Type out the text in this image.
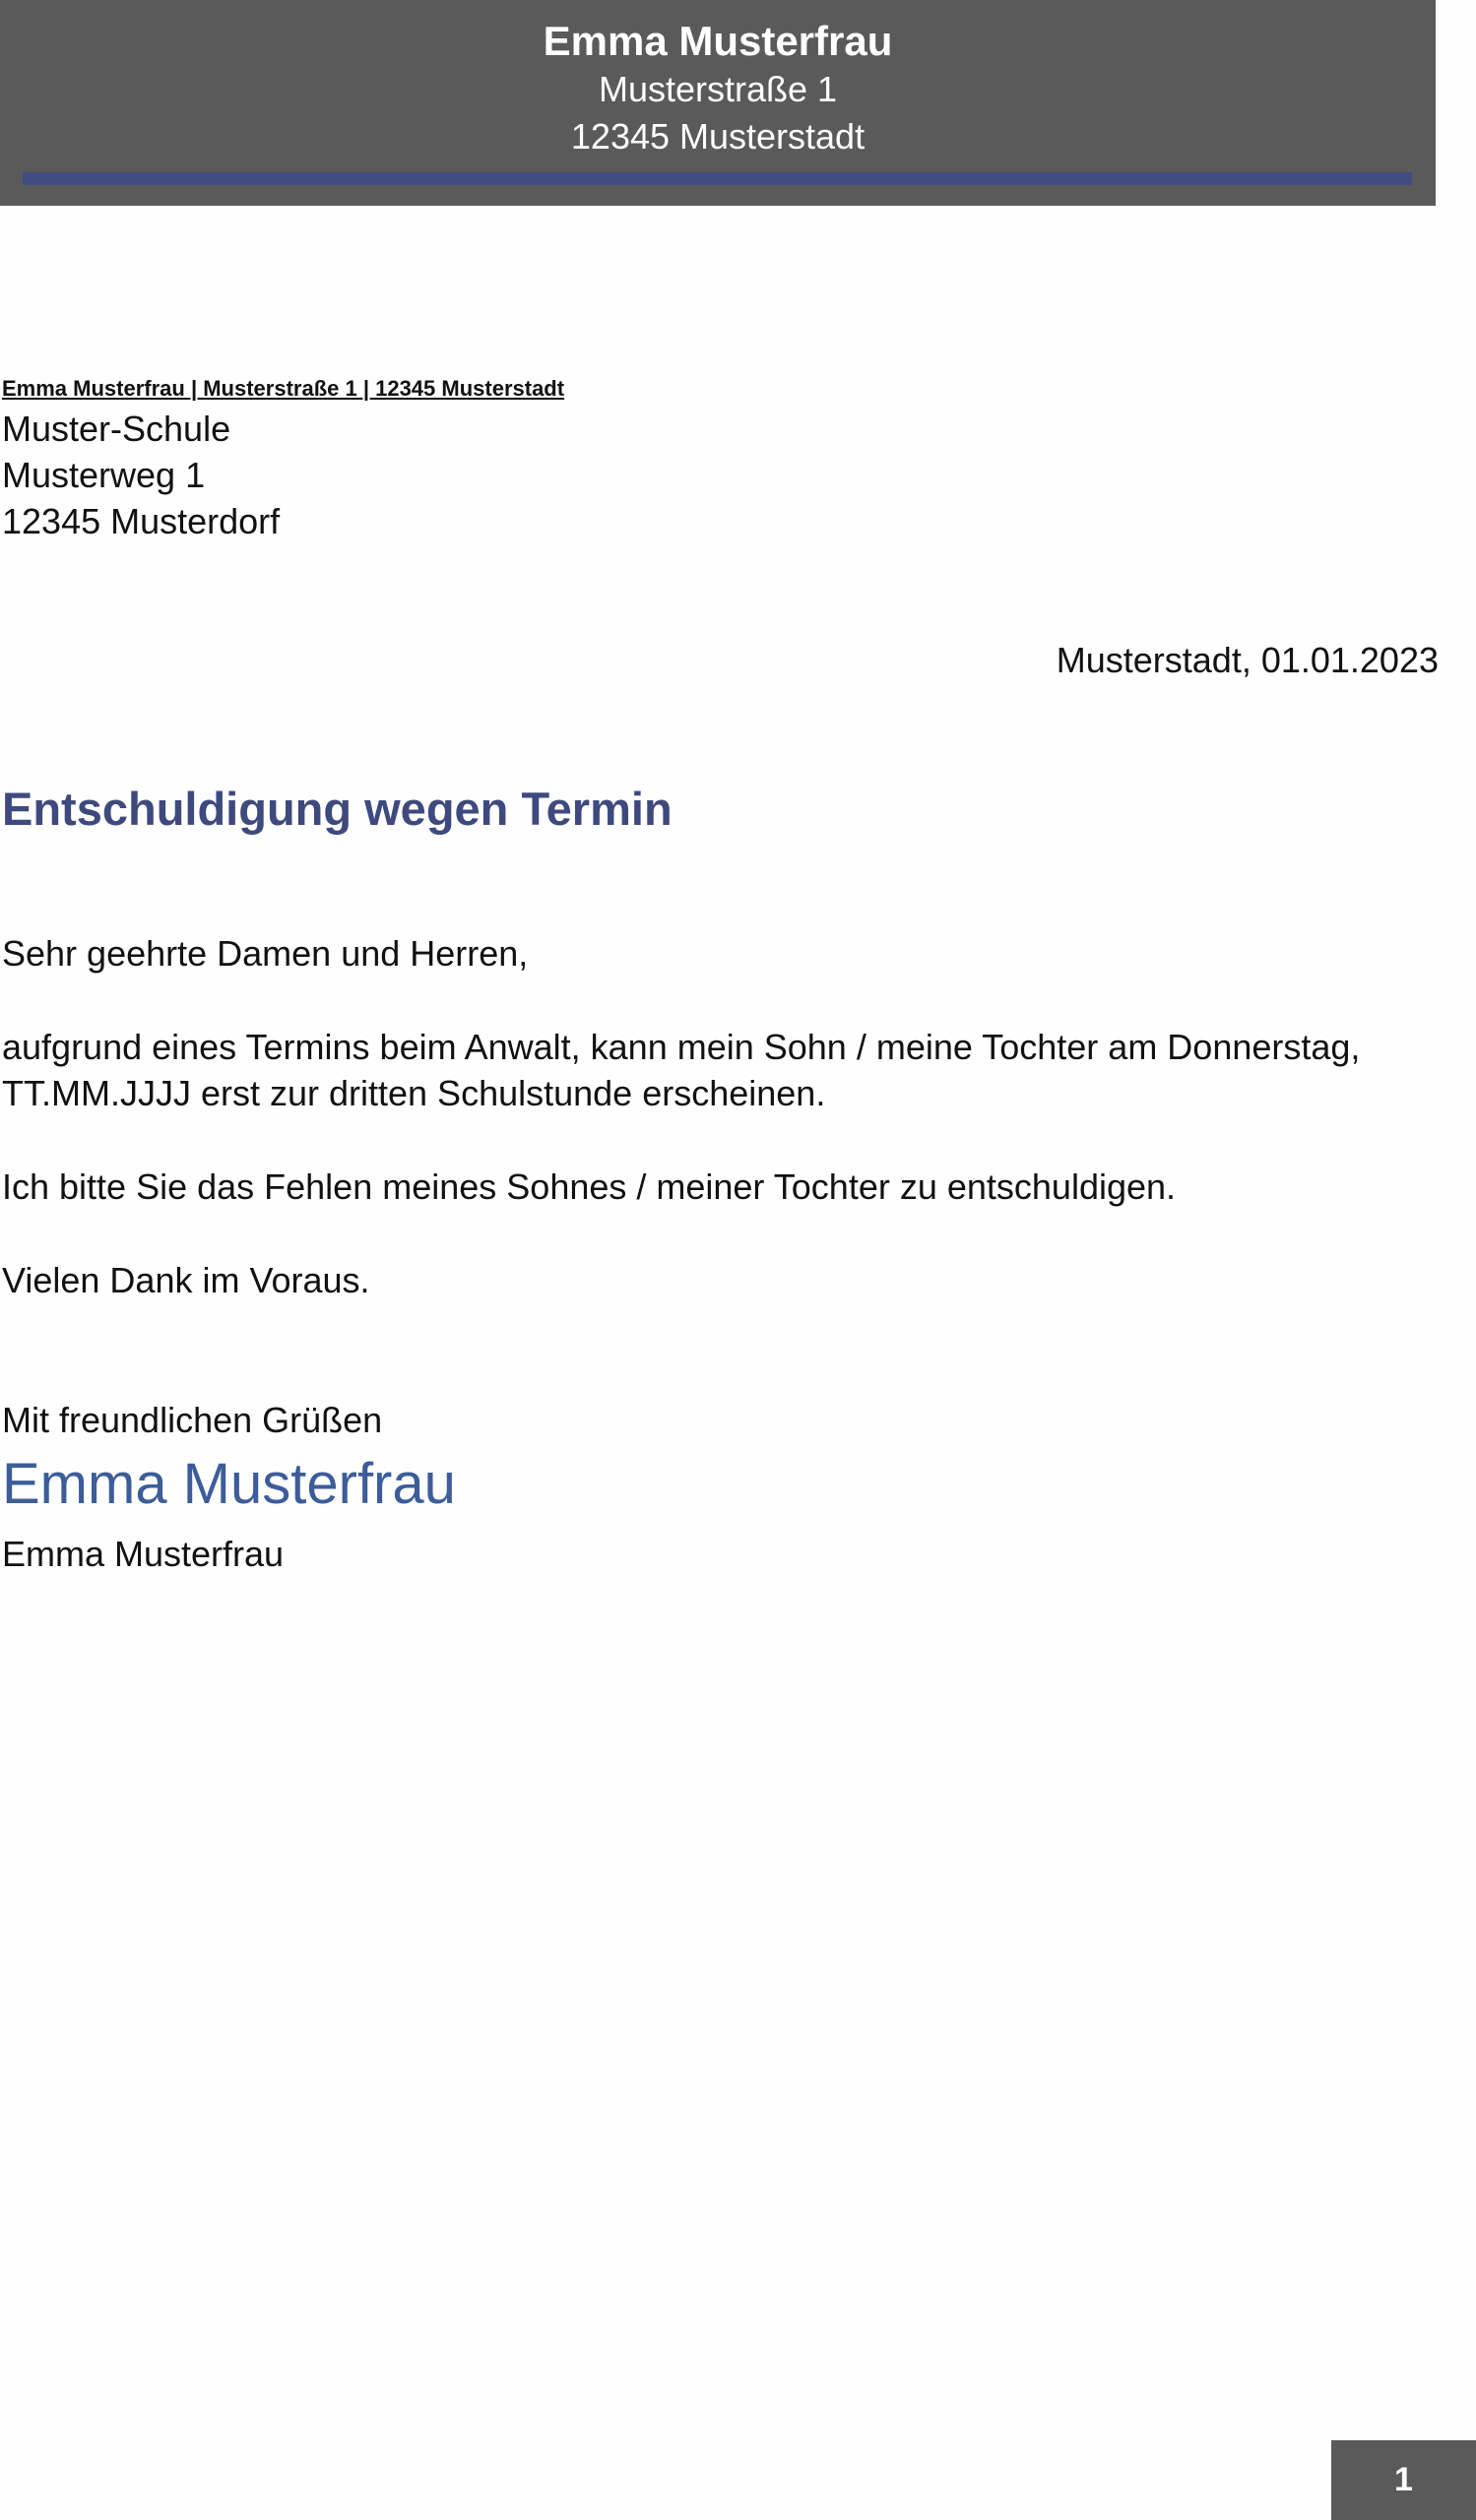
Emma Musterfrau
Musterstraße 1
12345 Musterstadt
Emma Musterfrau | Musterstraße 1 | 12345 Musterstadt
Muster-Schule
Musterweg 1
12345 Musterdorf
Musterstadt, 01.01.2023
Entschuldigung wegen Termin
Sehr geehrte Damen und Herren,
aufgrund eines Termins beim Anwalt, kann mein Sohn / meine Tochter am Donnerstag, TT.MM.JJJJ erst zur dritten Schulstunde erscheinen.
Ich bitte Sie das Fehlen meines Sohnes / meiner Tochter zu entschuldigen.
Vielen Dank im Voraus.
Mit freundlichen Grüßen
Emma Musterfrau
Emma Musterfrau
1
